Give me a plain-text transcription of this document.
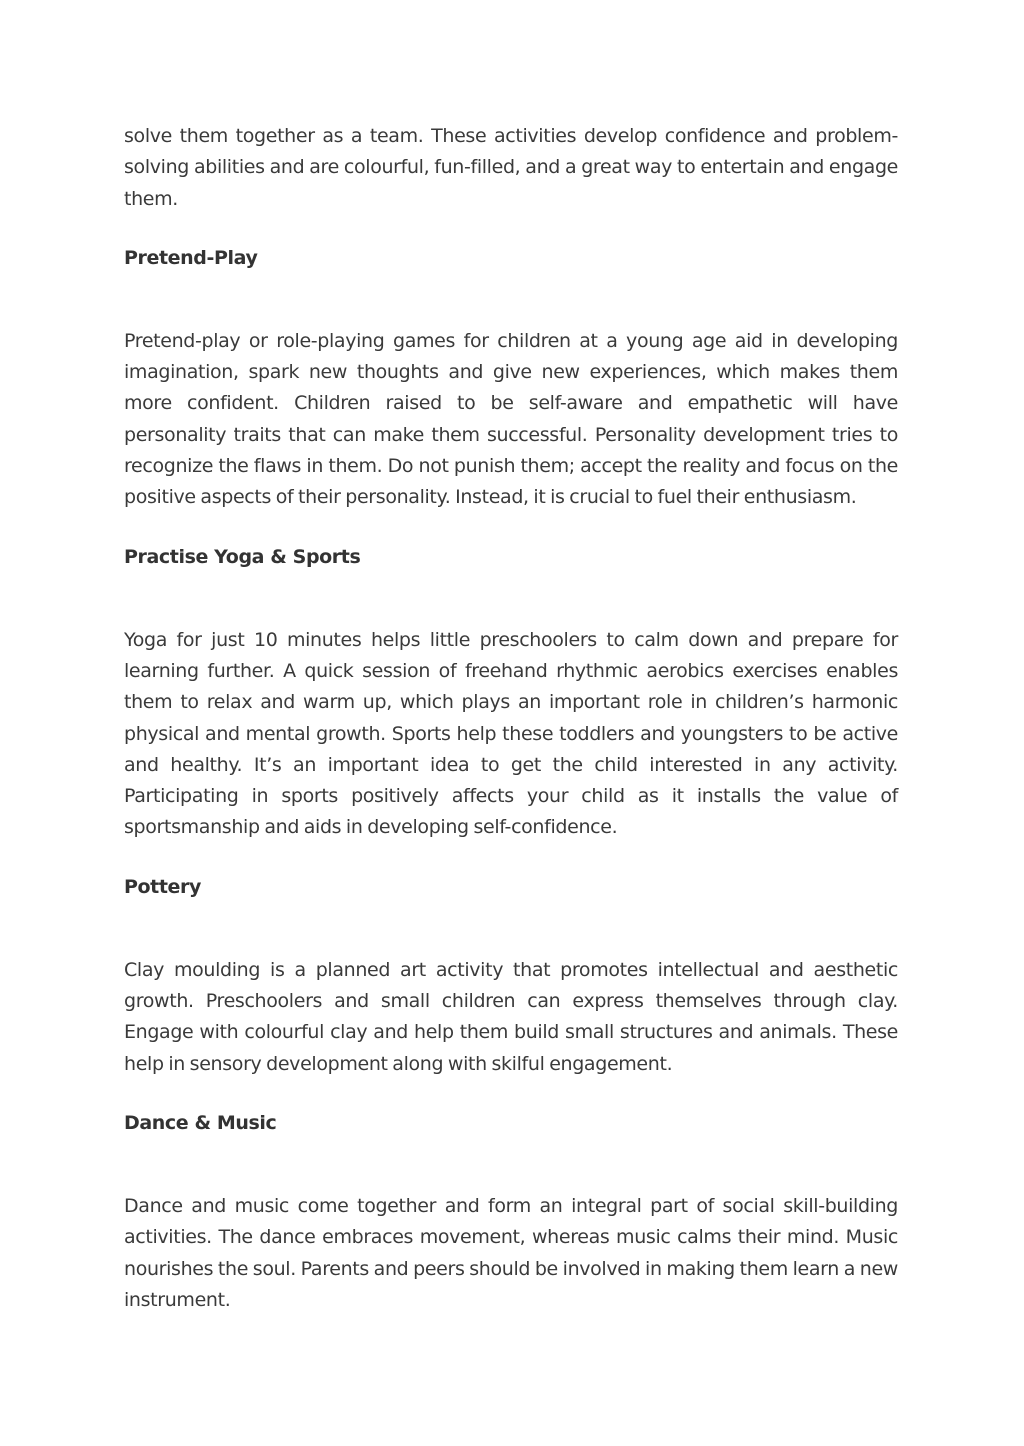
solve them together as a team. These activities develop confidence and problem-solving abilities and are colourful, fun-filled, and a great way to entertain and engage them.

Pretend-Play

Pretend-play or role-playing games for children at a young age aid in developing imagination, spark new thoughts and give new experiences, which makes them more confident. Children raised to be self-aware and empathetic will have personality traits that can make them successful. Personality development tries to recognize the flaws in them. Do not punish them; accept the reality and focus on the positive aspects of their personality. Instead, it is crucial to fuel their enthusiasm.

Practise Yoga & Sports

Yoga for just 10 minutes helps little preschoolers to calm down and prepare for learning further. A quick session of freehand rhythmic aerobics exercises enables them to relax and warm up, which plays an important role in children’s harmonic physical and mental growth. Sports help these toddlers and youngsters to be active and healthy. It’s an important idea to get the child interested in any activity. Participating in sports positively affects your child as it installs the value of sportsmanship and aids in developing self-confidence.

Pottery

Clay moulding is a planned art activity that promotes intellectual and aesthetic growth. Preschoolers and small children can express themselves through clay. Engage with colourful clay and help them build small structures and animals. These help in sensory development along with skilful engagement.

Dance & Music

Dance and music come together and form an integral part of social skill-building activities. The dance embraces movement, whereas music calms their mind. Music nourishes the soul. Parents and peers should be involved in making them learn a new instrument.
